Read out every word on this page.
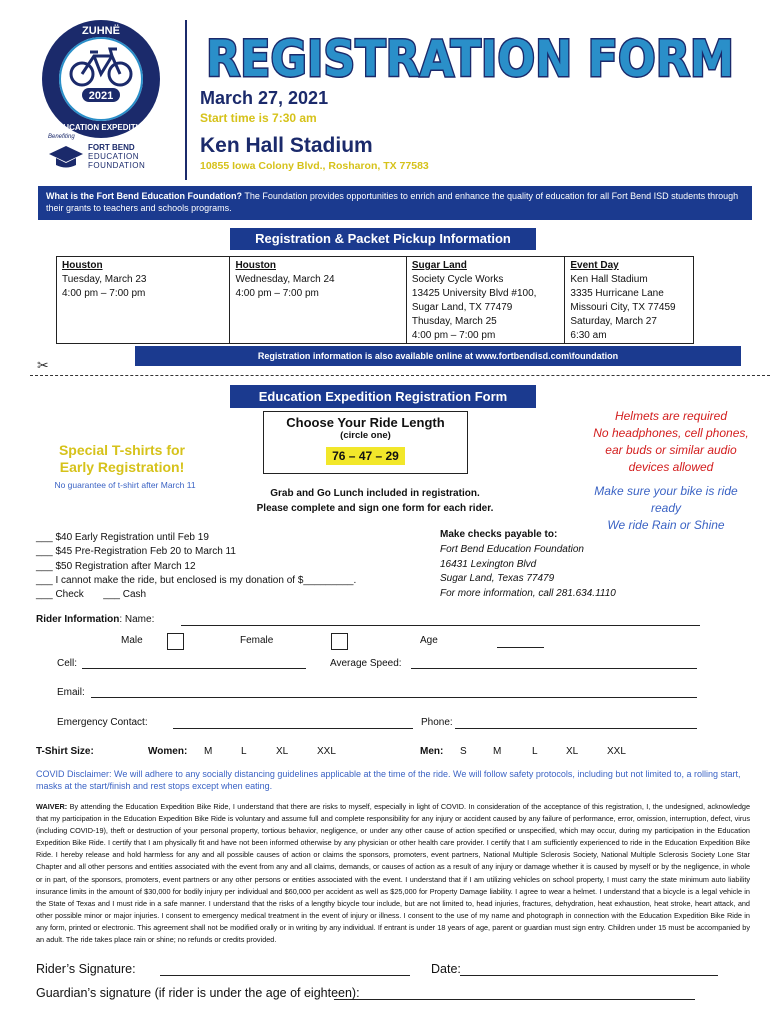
ZUHNË
2021
EDUCATION EXPEDITION
Benefiting
FORT BEND
EDUCATION
FOUNDATION
REGISTRATION FORM
March 27, 2021
Start time is 7:30 am
Ken Hall Stadium
10855 Iowa Colony Blvd., Rosharon, TX 77583
What is the Fort Bend Education Foundation? The Foundation provides opportunities to enrich and enhance the quality of education for all Fort Bend ISD students through their grants to teachers and schools programs.
Registration & Packet Pickup Information
Houston
Tuesday, March 23
4:00 pm – 7:00 pm
Houston
Wednesday, March 24
4:00 pm – 7:00 pm
Sugar Land
Society Cycle Works
13425 University Blvd #100,
Sugar Land, TX 77479
Thusday, March 25
4:00 pm – 7:00 pm
Event Day
Ken Hall Stadium
3335 Hurricane Lane
Missouri City, TX 77459
Saturday, March 27
6:30 am
Registration information is also available online at www.fortbendisd.com\foundation
✂
Education Expedition Registration Form
Choose Your Ride Length
(circle one)
76 – 47 – 29
Special T-shirts for
Early Registration!
No guarantee of t-shirt after March 11
Helmets are required
No headphones, cell phones,
ear buds or similar audio
devices allowed
Make sure your bike is ride ready
We ride Rain or Shine
Grab and Go Lunch included in registration.
Please complete and sign one form for each rider.
___ $40 Early Registration until Feb 19
___ $45 Pre-Registration Feb 20 to March 11
___ $50 Registration after March 12
___ I cannot make the ride, but enclosed is my donation of $_________.
___ Check       ___ Cash
Make checks payable to:
Fort Bend Education Foundation
16431 Lexington Blvd
Sugar Land, Texas 77479
For more information, call 281.634.1110
Rider Information: Name:
Male	Female	Age
Cell:	Average Speed:
Email:
Emergency Contact:	Phone:
T-Shirt Size:	Women: M	L	XL	XXL	Men: S	M	L	XL	XXL
COVID Disclaimer: We will adhere to any socially distancing guidelines applicable at the time of the ride. We will follow safety protocols, including but not limited to, a rolling start, masks at the start/finish and rest stops except when eating.
WAIVER: By attending the Education Expedition Bike Ride, I understand that there are risks to myself, especially in light of COVID. In consideration of the acceptance of this registration, I, the undesigned, acknowledge that my participation in the Education Expedition Bike Ride is voluntary and assume full and complete responsibility for any injury or accident caused by any failure of performance, error, omission, interruption, defect, virus (including COVID-19), theft or destruction of your personal property, tortious behavior, negligence, or under any other cause of action specified or unspecified, which may occur, during my participation in the Education Expedition Bike Ride. I certify that I am physically fit and have not been informed otherwise by any physician or other health care provider. I certify that I am sufficiently experienced to ride in the Education Expedition Bike Ride. I hereby release and hold harmless for any and all possible causes of action or claims the sponsors, promoters, event partners, National Multiple Sclerosis Society, National Multiple Sclerosis Society Lone Star Chapter and all other persons and entities associated with the event from any and all claims, demands, or causes of action as a result of any injury or damage whether it is caused by myself or by the negligence, in whole or in part, of the sponsors, promoters, event partners or any other persons or entities associated with the event. I understand that if I am utilizing vehicles on school property, I must carry the state minimum auto liability insurance limits in the amount of $30,000 for bodily injury per individual and $60,000 per accident as well as $25,000 for Property Damage liability. I agree to wear a helmet. I understand that a bicycle is a legal vehicle in the State of Texas and I must ride in a safe manner. I understand that the risks of a lengthy bicycle tour include, but are not limited to, head injuries, fractures, dehydration, heat exhaustion, heat stroke, heart attack, and other possible minor or major injuries. I consent to emergency medical treatment in the event of injury or illness. I consent to the use of my name and photograph in connection with the Education Expedition Bike Ride in any form, printed or electronic. This agreement shall not be modified orally or in writing by any individual. If entrant is under 18 years of age, parent or guardian must sign entry. Children under 15 must be accompanied by an adult. The ride takes place rain or shine; no refunds or credits provided.
Rider’s Signature:	Date:
Guardian’s signature (if rider is under the age of eighteen):
